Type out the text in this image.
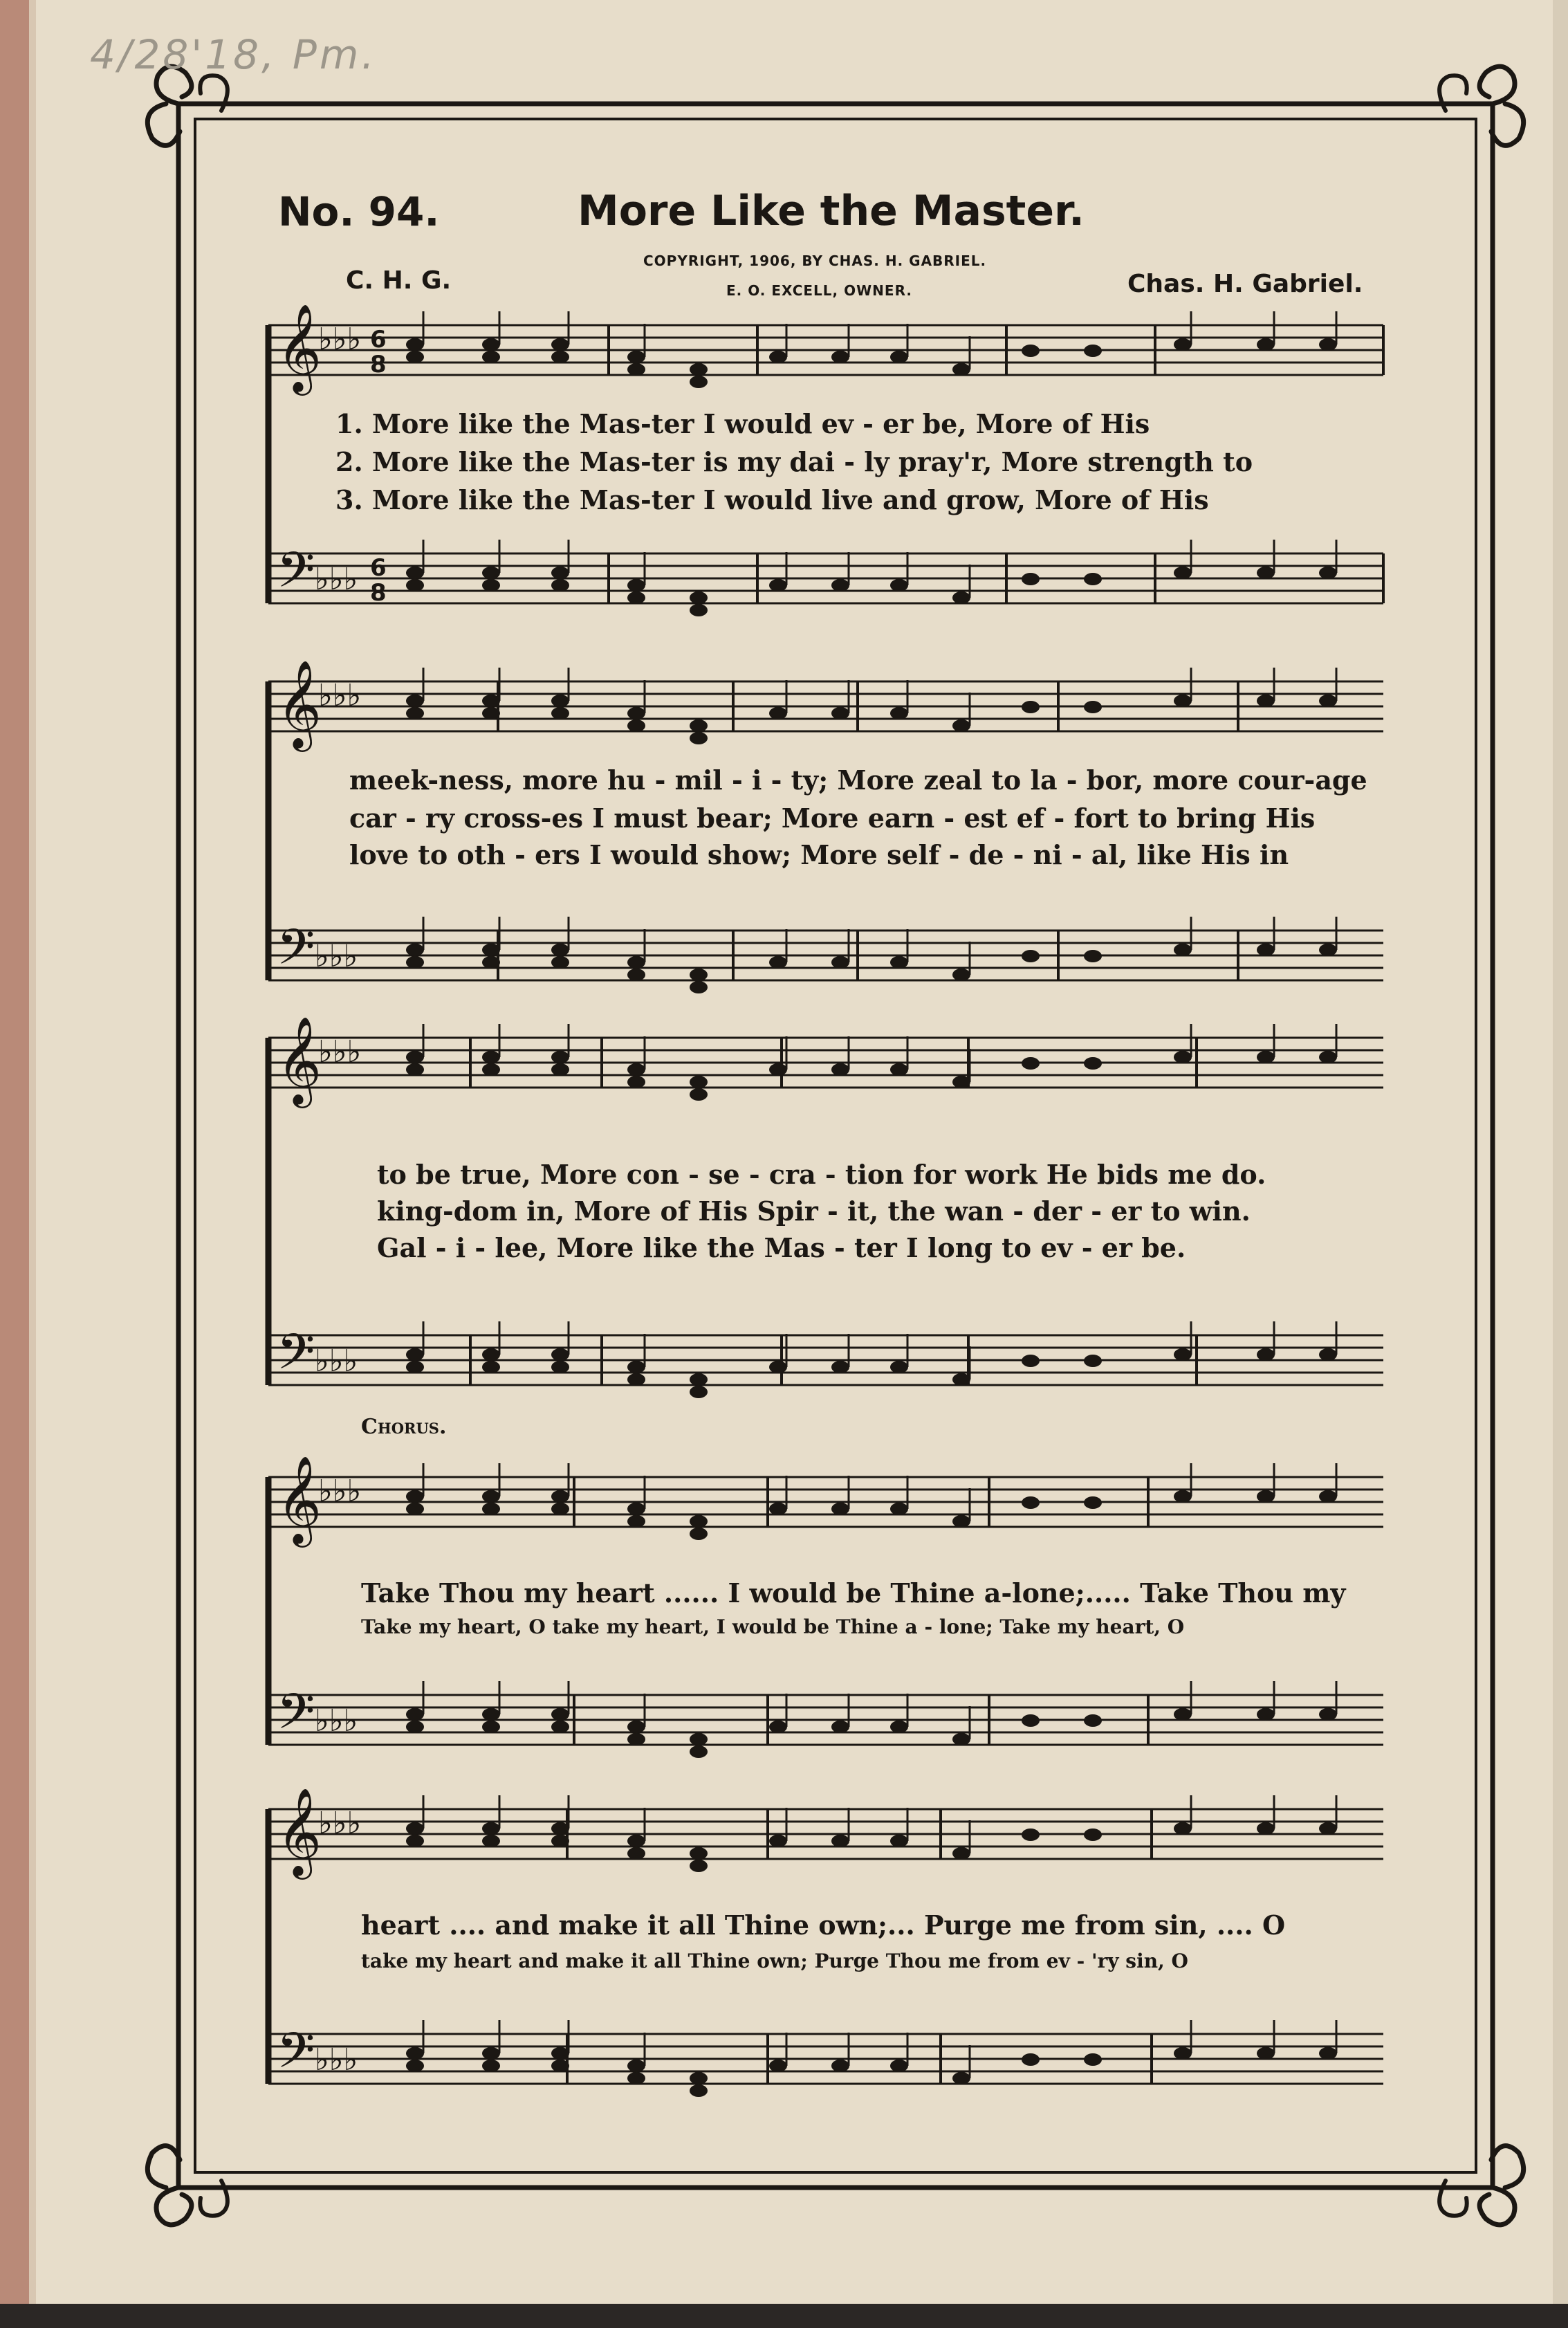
𝄞
𝄢
𝄞
𝄢
𝄞
𝄢
𝄞
𝄢
𝄞
𝄢
♭♭♭
♭♭♭
♭♭♭
♭♭♭
♭♭♭
♭♭♭
♭♭♭
♭♭♭
♭♭♭
♭♭♭
6
8
6
8
4/28'18, Pm.
No. 94.	More Like the Master.
COPYRIGHT, 1906, BY CHAS. H. GABRIEL.
E. O. EXCELL, OWNER.
C. H. G.	Chas. H. Gabriel.
1. More like the Mas-ter I would ev - er be, More of His
2. More like the Mas-ter is my dai - ly pray'r, More strength to
3. More like the Mas-ter I would live and grow, More of His
meek-ness, more hu - mil - i - ty; More zeal to la - bor, more cour-age
car - ry cross-es I must bear; More earn - est ef - fort to bring His
love to oth - ers I would show; More self - de - ni - al, like His in
to be true, More con - se - cra - tion for work He bids me do.
king-dom in, More of His Spir - it, the wan - der - er to win.
Gal - i - lee, More like the Mas - ter I long to ev - er be.
Chorus.
Take Thou my heart ...... I would be Thine a-lone;..... Take Thou my
Take my heart, O take my heart, I would be Thine a - lone; Take my heart, O
heart .... and make it all Thine own;... Purge me from sin, .... O
take my heart and make it all Thine own; Purge Thou me from ev - 'ry sin, O
